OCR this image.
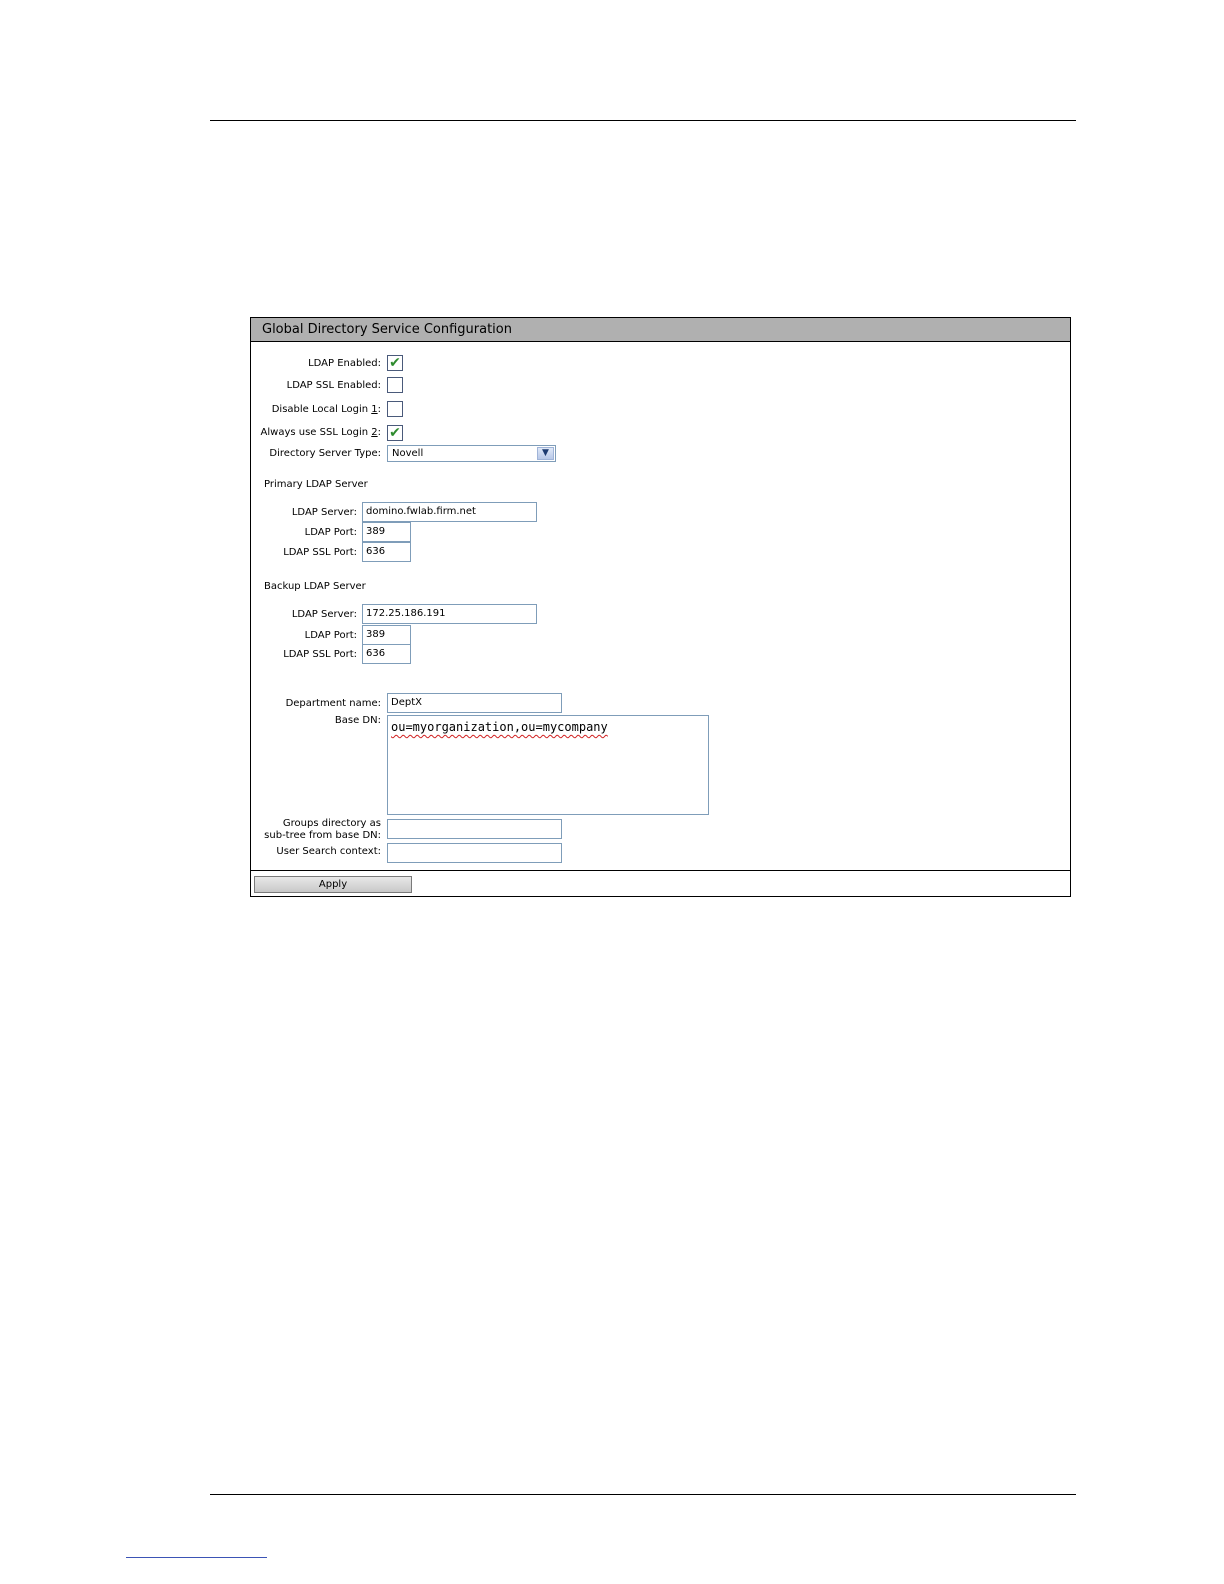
Global Directory Service Configuration
LDAP Enabled: ✔
LDAP SSL Enabled:
Disable Local Login 1:
Always use SSL Login 2: ✔
Directory Server Type:	Novell	▼
Primary LDAP Server
LDAP Server: domino.fwlab.firm.net
LDAP Port: 389
LDAP SSL Port: 636
Backup LDAP Server
LDAP Server: 172.25.186.191
LDAP Port: 389
LDAP SSL Port: 636
Department name:	DeptX
Base DN: ou=myorganization,ou=mycompany
Groups directory as
sub-tree from base DN:
User Search context:
Apply
